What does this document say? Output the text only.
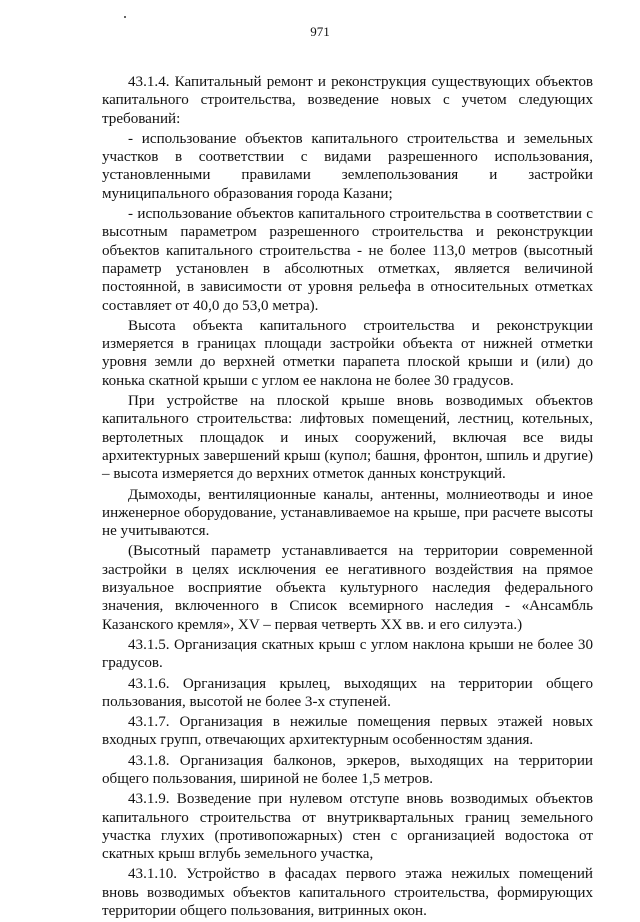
971

43.1.4. Капитальный ремонт и реконструкция существующих объектов капитального строительства, возведение новых с учетом следующих требований:

- использование объектов капитального строительства и земельных участков в соответствии с видами разрешенного использования, установленными правилами землепользования и застройки муниципального образования города Казани;

- использование объектов капитального строительства в соответствии с высотным параметром разрешенного строительства и реконструкции объектов капитального строительства - не более 113,0 метров (высотный параметр установлен в абсолютных отметках, является величиной постоянной, в зависимости от уровня рельефа в относительных отметках составляет от 40,0 до 53,0 метра).

Высота объекта капитального строительства и реконструкции измеряется в границах площади застройки объекта от нижней отметки уровня земли до верхней отметки парапета плоской крыши и (или) до конька скатной крыши с углом ее наклона не более 30 градусов.

При устройстве на плоской крыше вновь возводимых объектов капитального строительства: лифтовых помещений, лестниц, котельных, вертолетных площадок и иных сооружений, включая все виды архитектурных завершений крыш (купол; башня, фронтон, шпиль и другие) – высота измеряется до верхних отметок данных конструкций.

Дымоходы, вентиляционные каналы, антенны, молниеотводы и иное инженерное оборудование, устанавливаемое на крыше, при расчете высоты не учитываются.

(Высотный параметр устанавливается на территории современной застройки в целях исключения ее негативного воздействия на прямое визуальное восприятие объекта культурного наследия федерального значения, включенного в Список всемирного наследия - «Ансамбль Казанского кремля», XV – первая четверть XX вв. и его силуэта.)

43.1.5. Организация скатных крыш с углом наклона крыши не более 30 градусов.

43.1.6. Организация крылец, выходящих на территории общего пользования, высотой не более 3-х ступеней.

43.1.7. Организация в нежилые помещения первых этажей новых входных групп, отвечающих архитектурным особенностям здания.

43.1.8. Организация балконов, эркеров, выходящих на территории общего пользования, шириной не более 1,5 метров.

43.1.9. Возведение при нулевом отступе вновь возводимых объектов капитального строительства от внутриквартальных границ земельного участка глухих (противопожарных) стен с организацией водостока от скатных крыш вглубь земельного участка,

43.1.10. Устройство в фасадах первого этажа нежилых помещений вновь возводимых объектов капитального строительства, формирующих территории общего пользования, витринных окон.
